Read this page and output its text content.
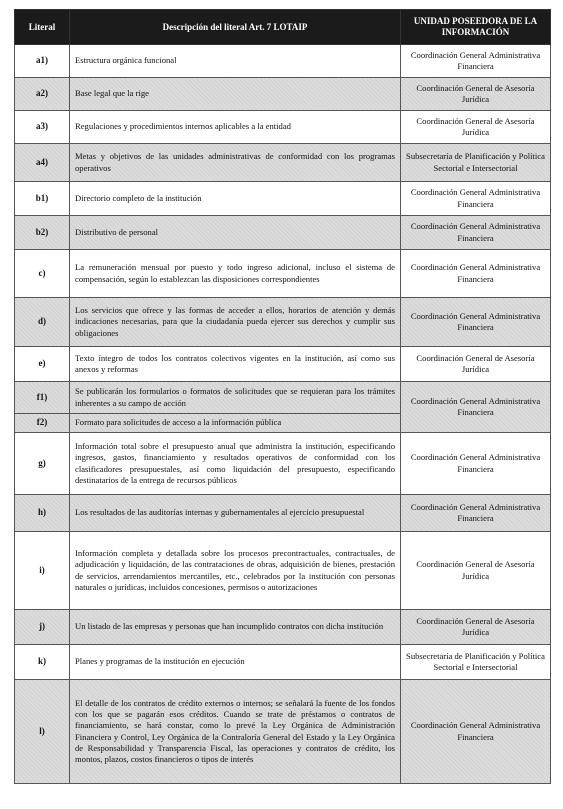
Literal	Descripción del literal Art. 7 LOTAIP	UNIDAD POSEEDORA DE LA INFORMACIÓN
a1)	Estructura orgánica funcional	Coordinación General Administrativa Financiera
a2)	Base legal que la rige	Coordinación General de Asesoría Jurídica
a3)	Regulaciones y procedimientos internos aplicables a la entidad	Coordinación General de Asesoría Jurídica
a4)	Metas y objetivos de las unidades administrativas de conformidad con los programas operativos	Subsecretaría de Planificación y Política Sectorial e Intersectorial
b1)	Directorio completo de la institución	Coordinación General Administrativa Financiera
b2)	Distributivo de personal	Coordinación General Administrativa Financiera
c)	La remuneración mensual por puesto y todo ingreso adicional, incluso el sistema de compensación, según lo establezcan las disposiciones correspondientes	Coordinación General Administrativa Financiera
d)	Los servicios que ofrece y las formas de acceder a ellos, horarios de atención y demás indicaciones necesarias, para que la ciudadanía pueda ejercer sus derechos y cumplir sus obligaciones	Coordinación General Administrativa Financiera
e)	Texto íntegro de todos los contratos colectivos vigentes en la institución, así como sus anexos y reformas	Coordinación General de Asesoría Jurídica
f1)	Se publicarán los formularios o formatos de solicitudes que se requieran para los trámites inherentes a su campo de acción	Coordinación General Administrativa Financiera
f2)	Formato para solicitudes de acceso a la información pública	
g)	Información total sobre el presupuesto anual que administra la institución, especificando ingresos, gastos, financiamiento y resultados operativos de conformidad con los clasificadores presupuestales, así como liquidación del presupuesto, especificando destinatarios de la entrega de recursos públicos	Coordinación General Administrativa Financiera
h)	Los resultados de las auditorías internas y gubernamentales al ejercicio presupuestal	Coordinación General Administrativa Financiera
i)	Información completa y detallada sobre los procesos precontractuales, contractuales, de adjudicación y liquidación, de las contrataciones de obras, adquisición de bienes, prestación de servicios, arrendamientos mercantiles, etc., celebrados por la institución con personas naturales o jurídicas, incluidos concesiones, permisos o autorizaciones	Coordinación General de Asesoría Jurídica
j)	Un listado de las empresas y personas que han incumplido contratos con dicha institución	Coordinación General de Asesoría Jurídica
k)	Planes y programas de la institución en ejecución	Subsecretaría de Planificación y Política Sectorial e Intersectorial
l)	El detalle de los contratos de crédito externos o internos; se señalará la fuente de los fondos con los que se pagarán esos créditos. Cuando se trate de préstamos o contratos de financiamiento, se hará constar, como lo prevé la Ley Orgánica de Administración Financiera y Control, Ley Orgánica de la Contraloría General del Estado y la Ley Orgánica de Responsabilidad y Transparencia Fiscal, las operaciones y contratos de crédito, los montos, plazos, costos financieros o tipos de interés	Coordinación General Administrativa Financiera
